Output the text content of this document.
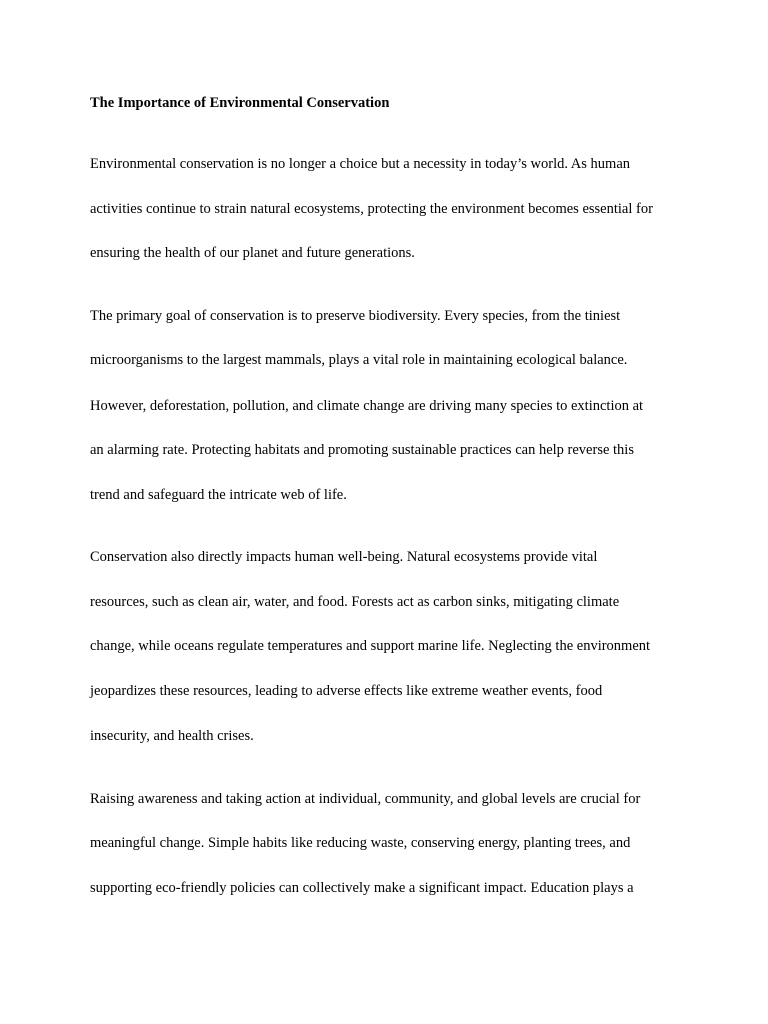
The Importance of Environmental Conservation
Environmental conservation is no longer a choice but a necessity in today’s world. As human
activities continue to strain natural ecosystems, protecting the environment becomes essential for
ensuring the health of our planet and future generations.
The primary goal of conservation is to preserve biodiversity. Every species, from the tiniest
microorganisms to the largest mammals, plays a vital role in maintaining ecological balance.
However, deforestation, pollution, and climate change are driving many species to extinction at
an alarming rate. Protecting habitats and promoting sustainable practices can help reverse this
trend and safeguard the intricate web of life.
Conservation also directly impacts human well-being. Natural ecosystems provide vital
resources, such as clean air, water, and food. Forests act as carbon sinks, mitigating climate
change, while oceans regulate temperatures and support marine life. Neglecting the environment
jeopardizes these resources, leading to adverse effects like extreme weather events, food
insecurity, and health crises.
Raising awareness and taking action at individual, community, and global levels are crucial for
meaningful change. Simple habits like reducing waste, conserving energy, planting trees, and
supporting eco-friendly policies can collectively make a significant impact. Education plays a
